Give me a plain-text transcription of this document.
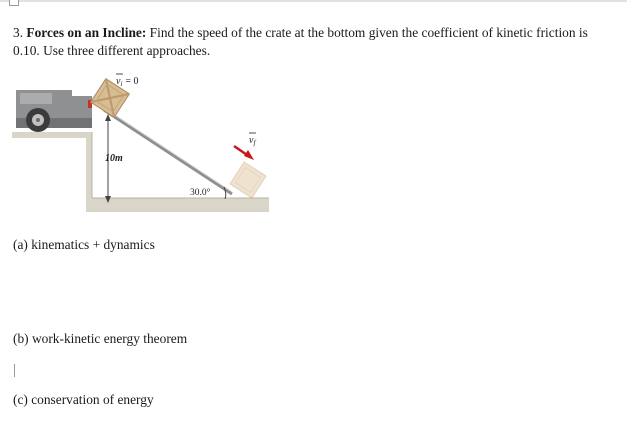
3. Forces on an Incline: Find the speed of the crate at the bottom given the coefficient of kinetic friction is 0.10. Use three different approaches.
$v_i = 0$
$v_f$
10m
30.0°
(a) kinematics + dynamics
(b) work-kinetic energy theorem
(c) conservation of energy
